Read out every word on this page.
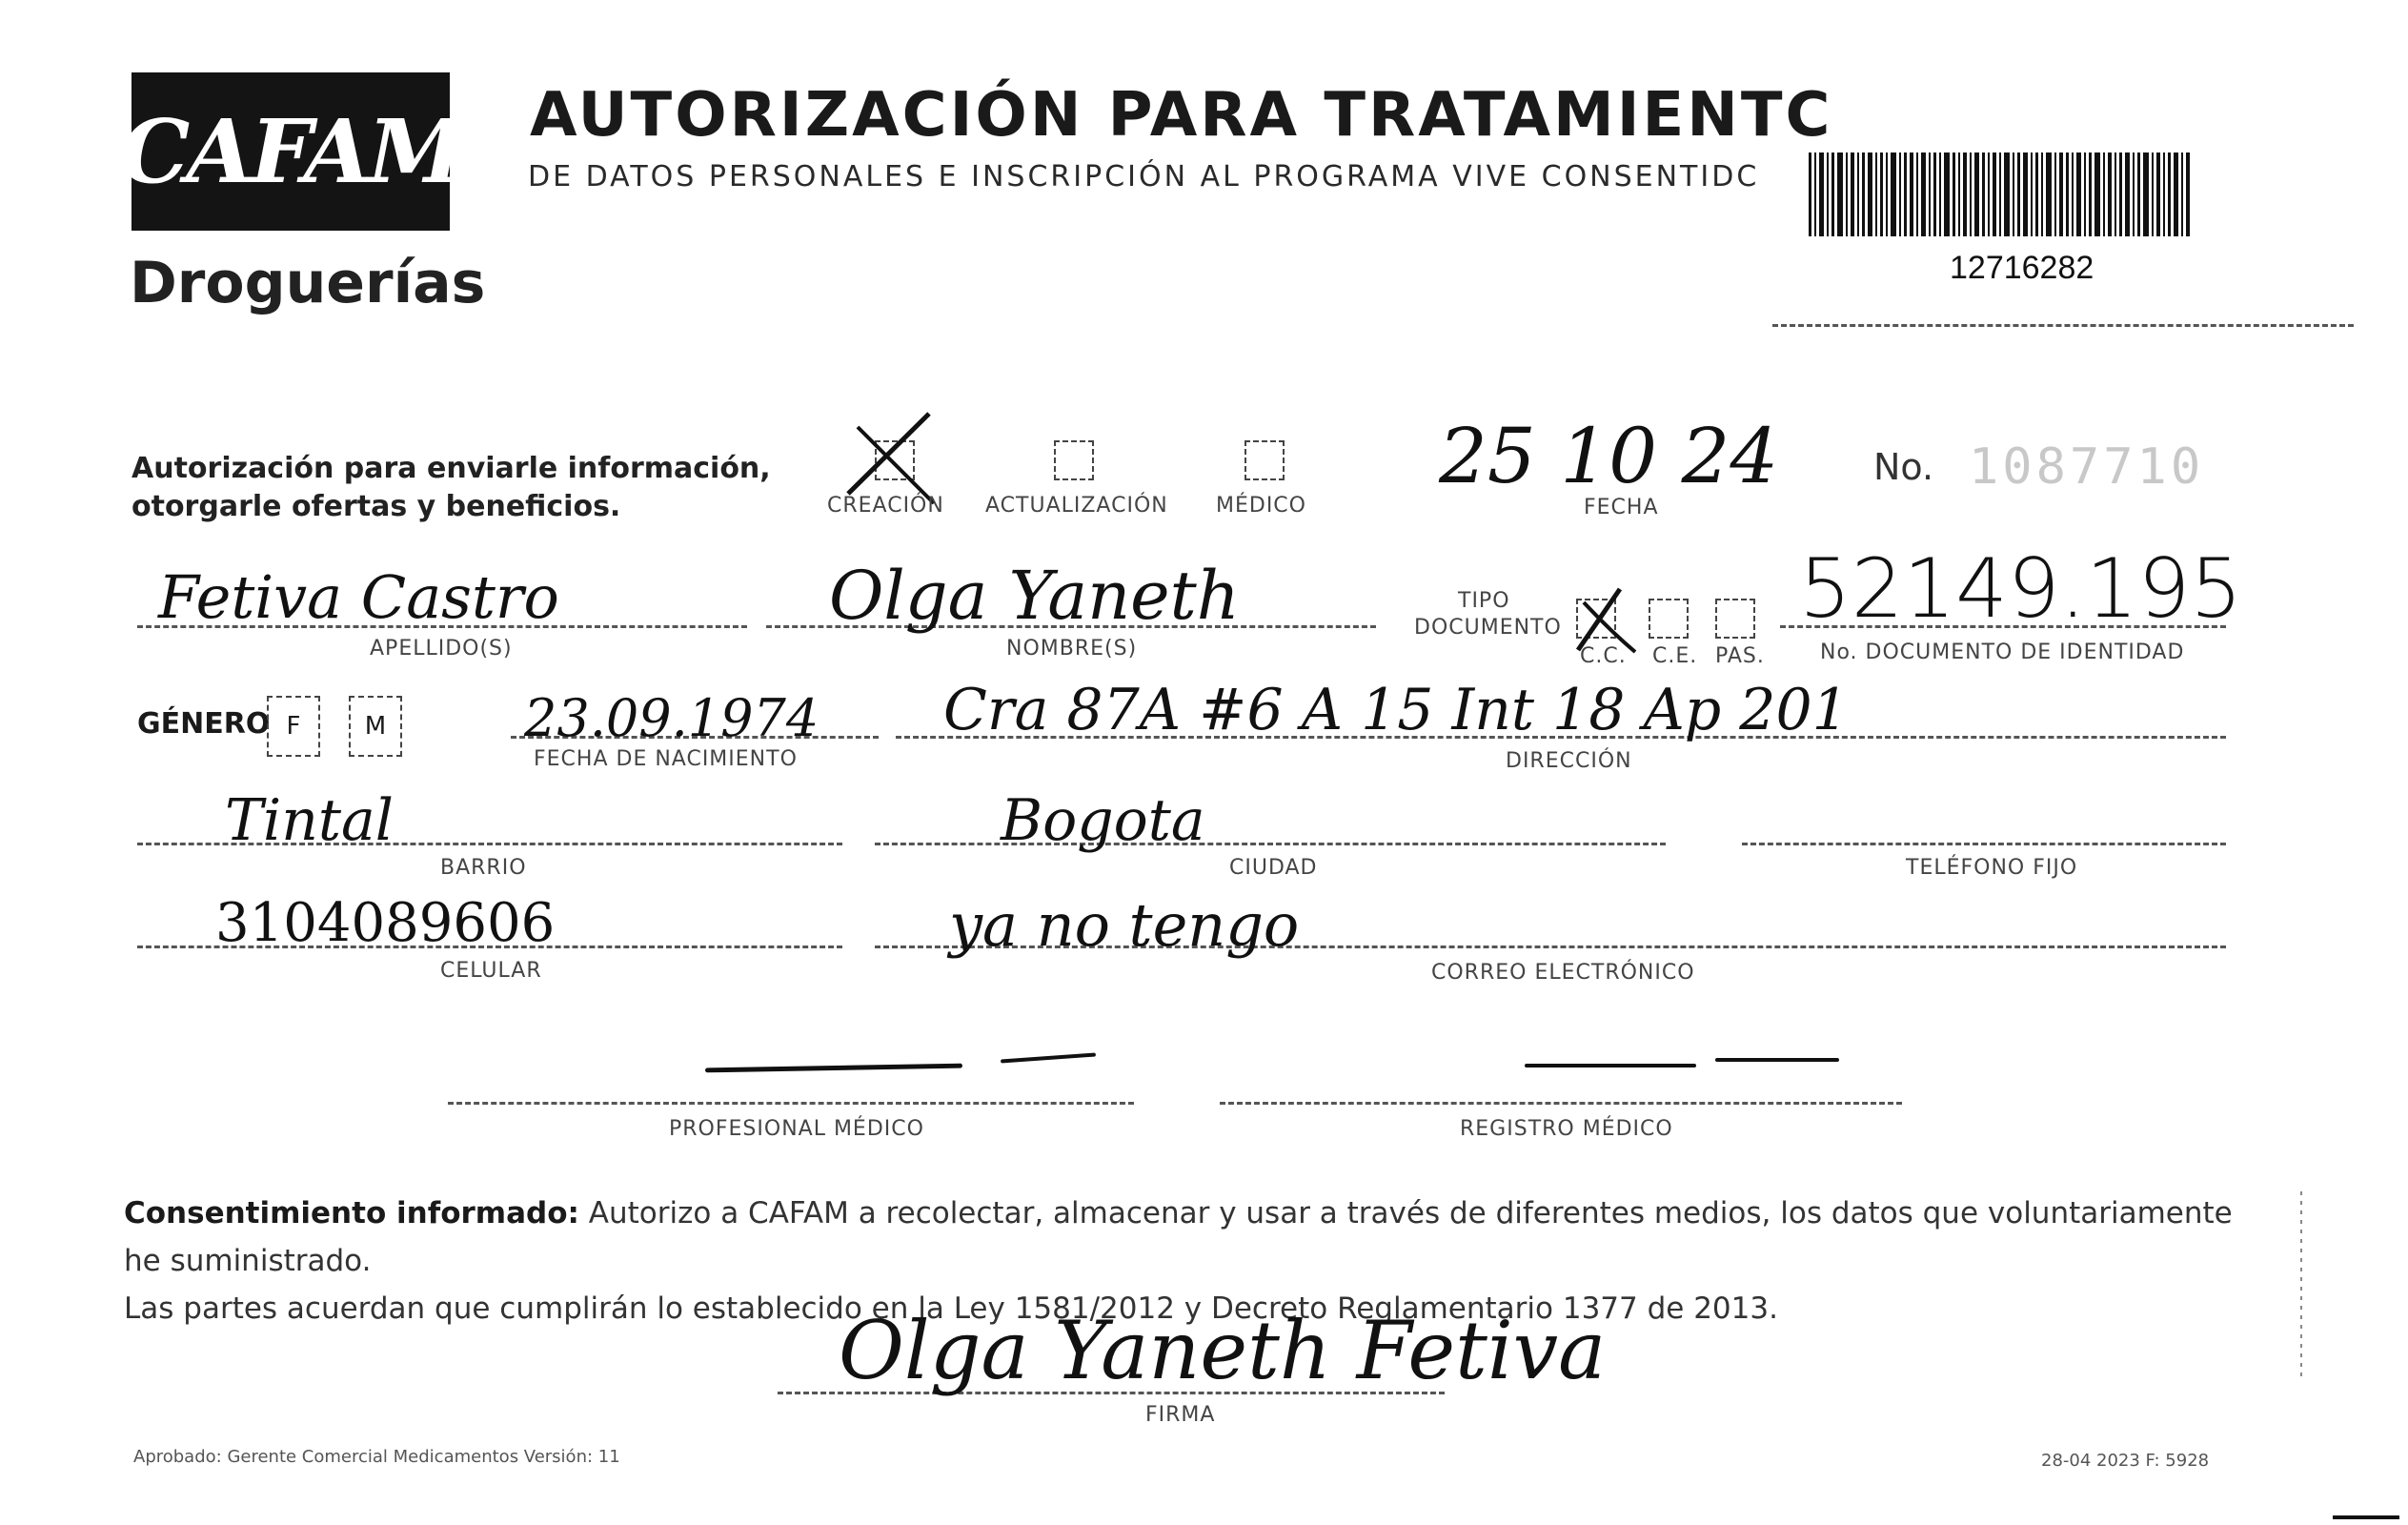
CAFAM
Droguerías
AUTORIZACIÓN PARA TRATAMIENTC
DE DATOS PERSONALES E INSCRIPCIÓN AL PROGRAMA VIVE CONSENTIDC
12716282
Autorización para enviarle información,
otorgarle ofertas y beneficios.	CREACIÓN ACTUALIZACIÓN MÉDICO
25 10 24
FECHA
No. 1087710
Fetiva Castro
APELLIDO(S)
Olga Yaneth
NOMBRE(S)
TIPO
DOCUMENTO
C.C. C.E. PAS.
52149.195
No. DOCUMENTO DE IDENTIDAD
GÉNERO F	M	23.09.1974
FECHA DE NACIMIENTO
Cra 87A #6 A 15 Int 18 Ap 201
DIRECCIÓN
Tintal
BARRIO
Bogota
CIUDAD	TELÉFONO FIJO
3104089606
CELULAR
ya no tengo
CORREO ELECTRÓNICO
PROFESIONAL MÉDICO	REGISTRO MÉDICO
Consentimiento informado: Autorizo a CAFAM a recolectar, almacenar y usar a través de diferentes medios, los datos que voluntariamente he suministrado.
Las partes acuerdan que cumplirán lo establecido en la Ley 1581/2012 y Decreto Reglamentario 1377 de 2013.
Olga Yaneth Fetiva
FIRMA
Aprobado: Gerente Comercial Medicamentos Versión: 11	28-04 2023 F: 5928
